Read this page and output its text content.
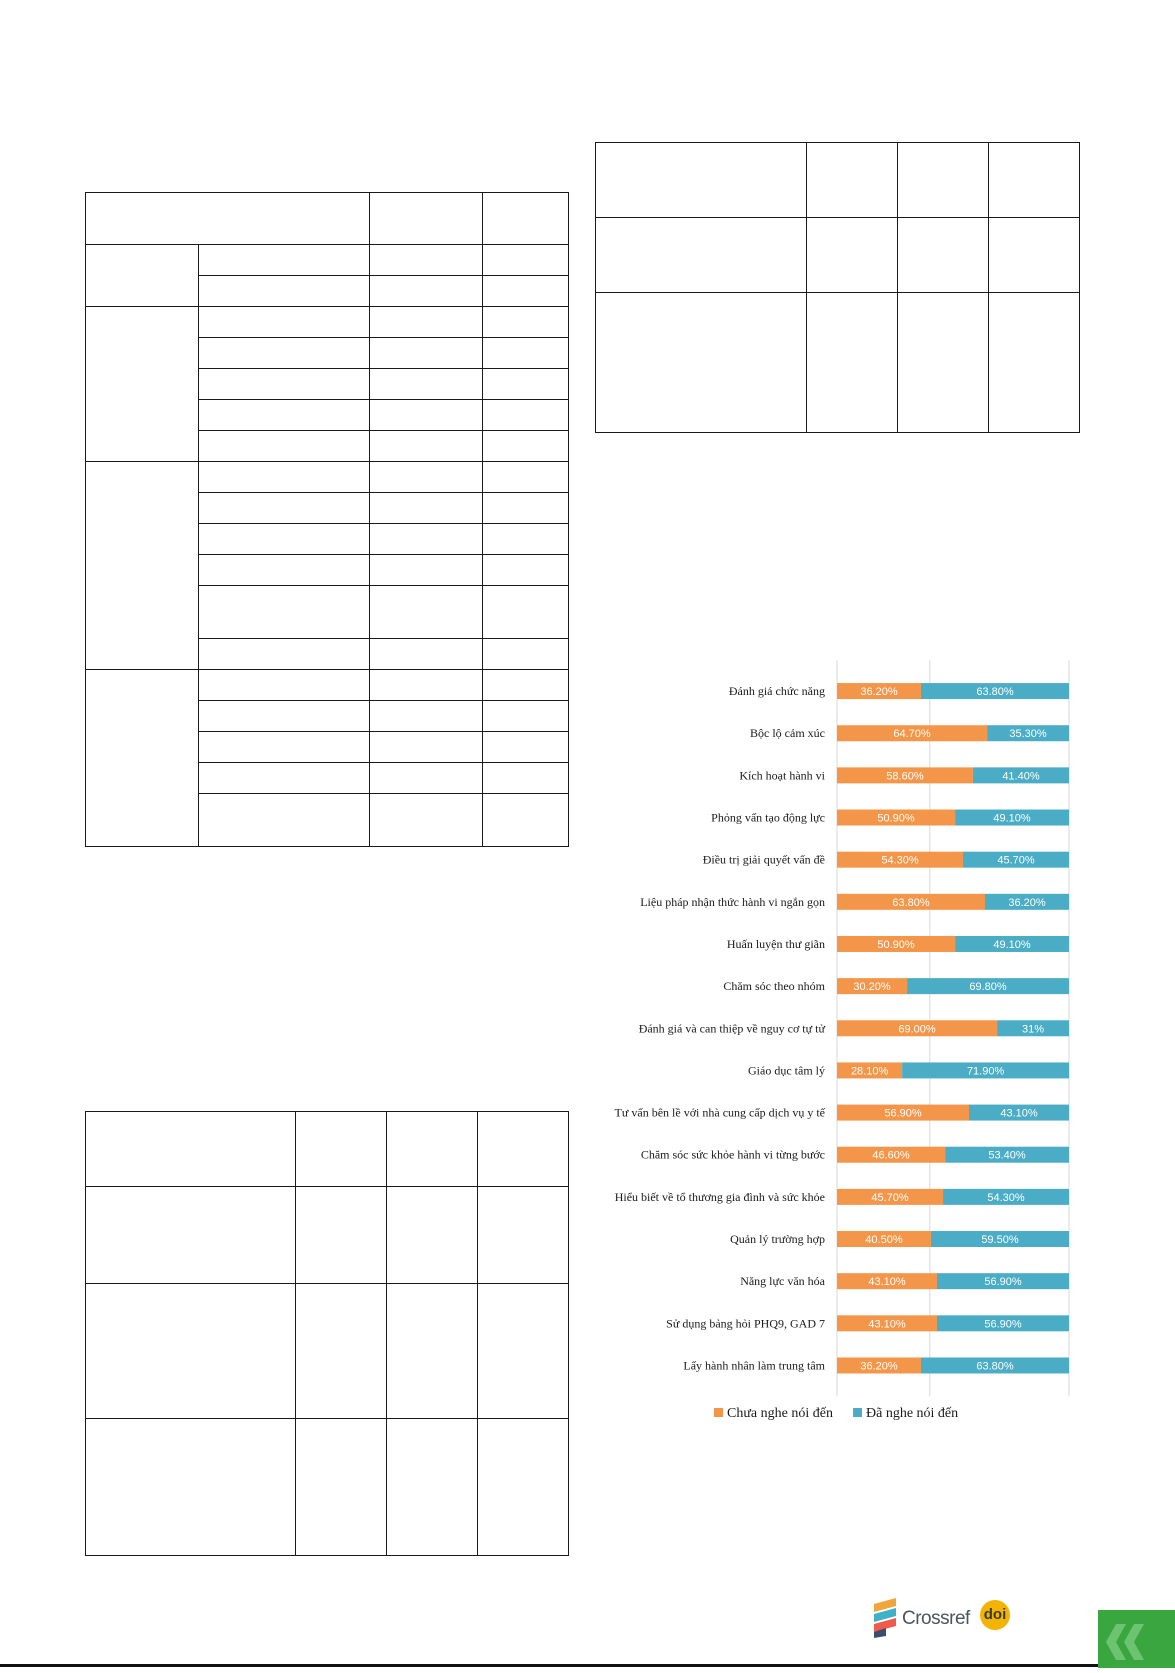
36.20%	63.80%
64.70%	35.30%
58.60%	41.40%
50.90%	49.10%
54.30%	45.70%
63.80%	36.20%
50.90%	49.10%
30.20%	69.80%
69.00%	31%
28.10%	71.90%
56.90%	43.10%
46.60%	53.40%
45.70%	54.30%
40.50%	59.50%
43.10%	56.90%
43.10%	56.90%
36.20%	63.80%
Đánh giá chức năng
Bộc lộ cảm xúc
Kích hoạt hành vi
Phỏng vấn tạo động lực
Điều trị giải quyết vấn đề
Liệu pháp nhận thức hành vi ngắn gọn
Huấn luyện thư giãn
Chăm sóc theo nhóm
Đánh giá và can thiệp về nguy cơ tự tử
Giáo dục tâm lý
Tư vấn bên lề với nhà cung cấp dịch vụ y tế
Chăm sóc sức khỏe hành vi từng bước
Hiểu biết về tổ thương gia đình và sức khỏe
Quản lý trường hợp
Năng lực văn hóa
Sử dụng bảng hỏi PHQ9, GAD 7
Lấy hành nhân làm trung tâm
Chưa nghe nói đến Đã nghe nói đến
Crossref doi
